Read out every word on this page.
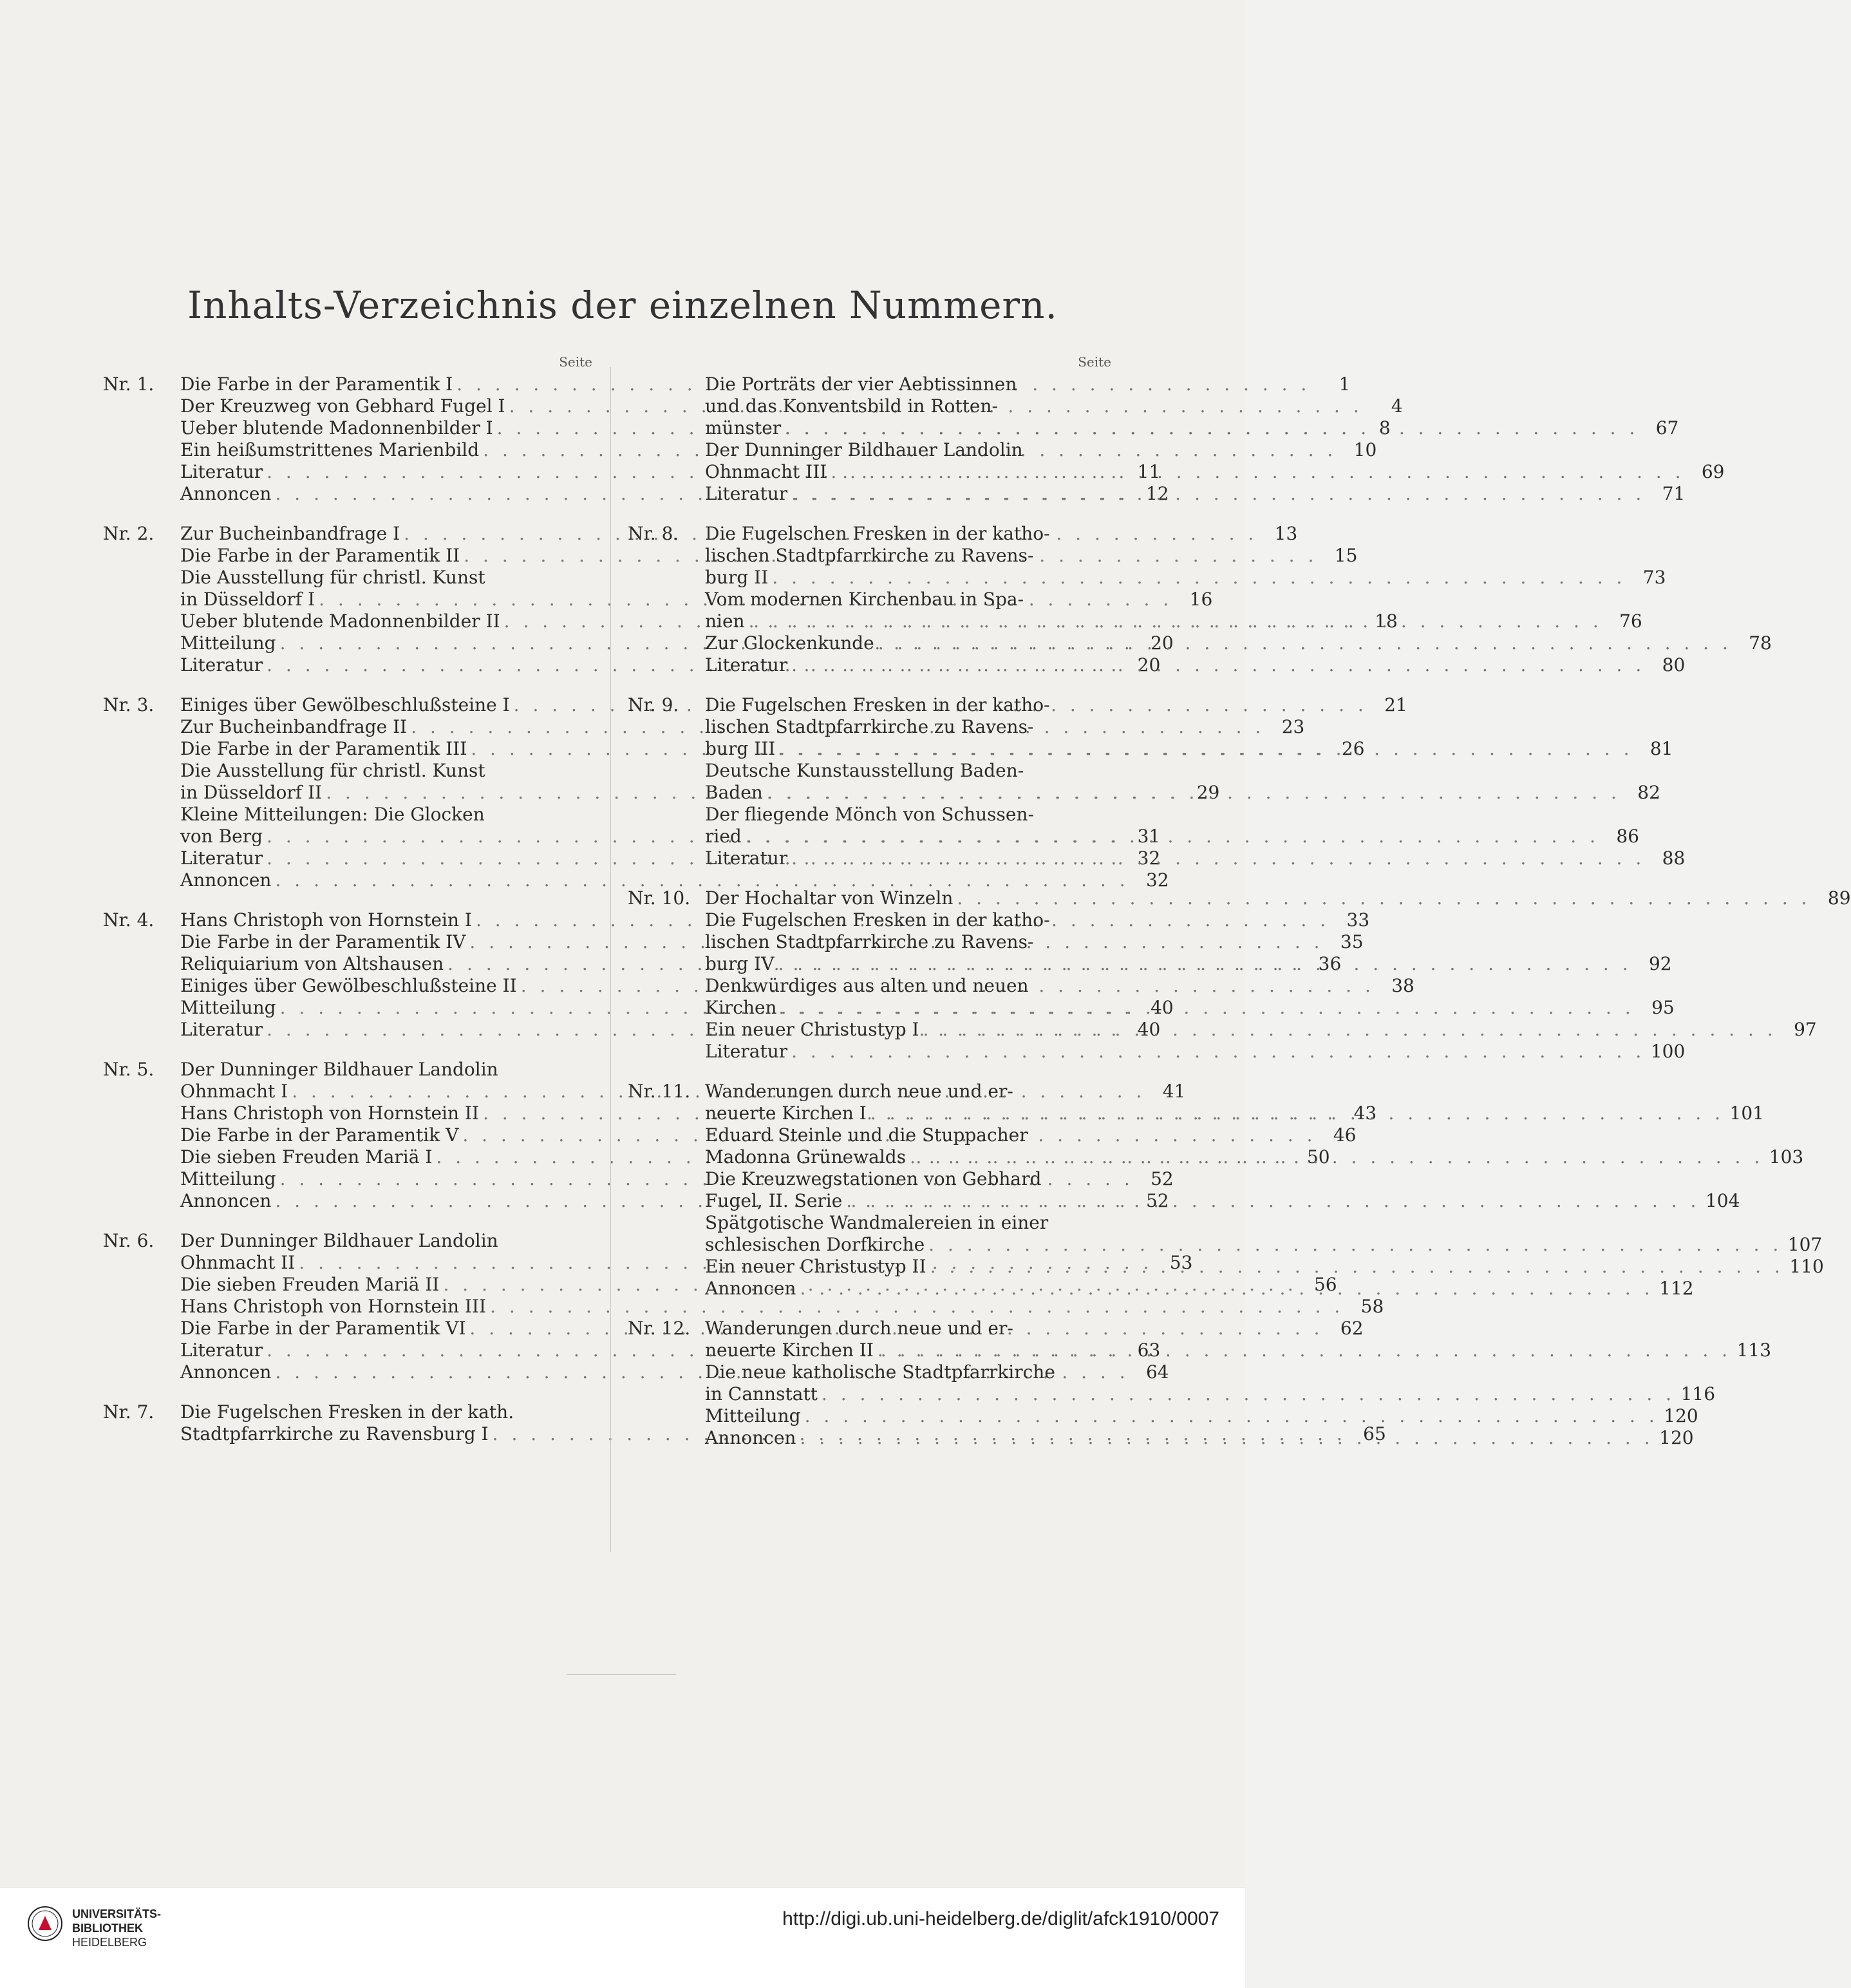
Inhalts-Verzeichnis der einzelnen Nummern.
Seite
Nr. 1.	Die Farbe in der Paramentik I . . .	1
Der Kreuzweg von Gebhard Fugel I . . .	4
Ueber blutende Madonnenbilder I . . .	8
Ein heißumstrittenes Marienbild . . .	10
Literatur . . .	11
Annoncen . . .	12
Nr. 2.	Zur Bucheinbandfrage I . . .	13
Die Farbe in der Paramentik II . . .	15
Die Ausstellung für christl. Kunst
in Düsseldorf I . . .	16
Ueber blutende Madonnenbilder II . . .	18
Mitteilung . . .	20
Literatur . . .	20
Nr. 3.	Einiges über Gewölbeschlußsteine I . . .	21
Zur Bucheinbandfrage II . . .	23
Die Farbe in der Paramentik III . . .	26
Die Ausstellung für christl. Kunst
in Düsseldorf II . . .	29
Kleine Mitteilungen: Die Glocken
von Berg . . .	31
Literatur . . .	32
Annoncen . . .	32
Nr. 4.	Hans Christoph von Hornstein I . . .	33
Die Farbe in der Paramentik IV . . .	35
Reliquiarium von Altshausen . . .	36
Einiges über Gewölbeschlußsteine II . . .	38
Mitteilung . . .	40
Literatur . . .	40
Nr. 5.	Der Dunninger Bildhauer Landolin
Ohnmacht I . . .	41
Hans Christoph von Hornstein II . . .	43
Die Farbe in der Paramentik V . . .	46
Die sieben Freuden Mariä I . . .	50
Mitteilung . . .	52
Annoncen . . .	52
Nr. 6.	Der Dunninger Bildhauer Landolin
Ohnmacht II . . .	53
Die sieben Freuden Mariä II . . .	56
Hans Christoph von Hornstein III . . .	58
Die Farbe in der Paramentik VI . . .	62
Literatur . . .	63
Annoncen . . .	64
Nr. 7.	Die Fugelschen Fresken in der kath.
Stadtpfarrkirche zu Ravensburg I . . .	65
Seite
Die Porträts der vier Aebtissinnen
und das Konventsbild in Rotten-
münster . . .	67
Der Dunninger Bildhauer Landolin
Ohnmacht III . . .	69
Literatur . . .	71
Nr. 8.	Die Fugelschen Fresken in der katho-
lischen Stadtpfarrkirche zu Ravens-
burg II . . .	73
Vom modernen Kirchenbau in Spa-
nien . . .	76
Zur Glockenkunde . . .	78
Literatur . . .	80
Nr. 9.	Die Fugelschen Fresken in der katho-
lischen Stadtpfarrkirche zu Ravens-
burg III . . .	81
Deutsche Kunstausstellung Baden-
Baden . . .	82
Der fliegende Mönch von Schussen-
ried . . .	86
Literatur . . .	88
Nr. 10. Der Hochaltar von Winzeln . . .	89
Die Fugelschen Fresken in der katho-
lischen Stadtpfarrkirche zu Ravens-
burg IV . . .	92
Denkwürdiges aus alten und neuen
Kirchen . . .	95
Ein neuer Christustyp I . . .	97
Literatur . . .	100
Nr. 11. Wanderungen durch neue und er-
neuerte Kirchen I . . .	101
Eduard Steinle und die Stuppacher
Madonna Grünewalds . . .	103
Die Kreuzwegstationen von Gebhard
Fugel, II. Serie . . .	104
Spätgotische Wandmalereien in einer
schlesischen Dorfkirche . . .	107
Ein neuer Christustyp II . . .	110
Annoncen . . .	112
Nr. 12. Wanderungen durch neue und er-
neuerte Kirchen II . . .	113
Die neue katholische Stadtpfarrkirche
in Cannstatt . . .	116
Mitteilung . . .	120
Annoncen . . .	120
UNIVERSITÄTS-
BIBLIOTHEK
HEIDELBERG
http://digi.ub.uni-heidelberg.de/diglit/afck1910/0007
